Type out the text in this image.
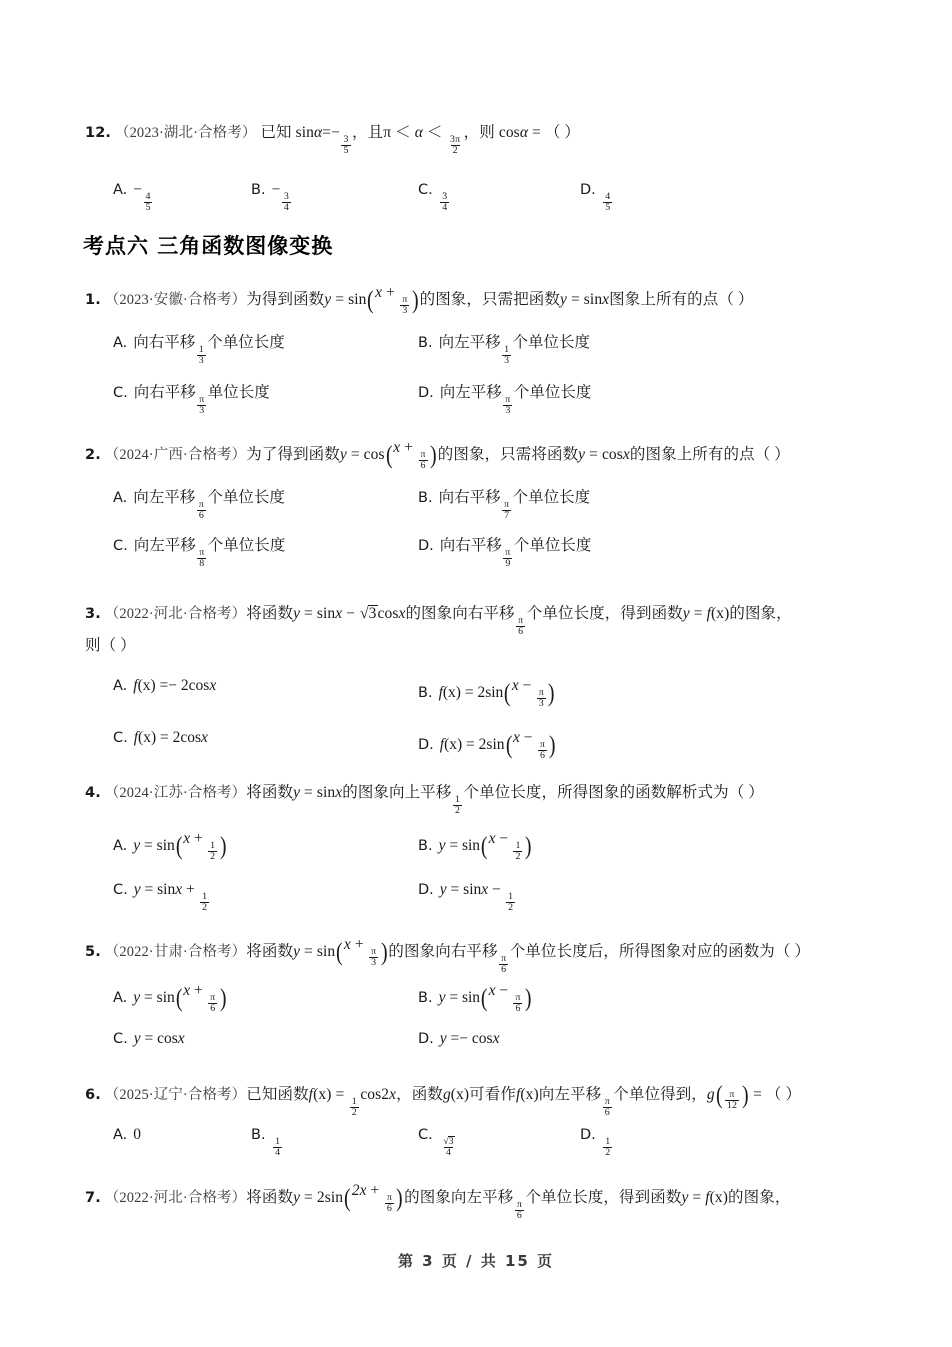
12. （2023·湖北·合格考） 已知 sinα=−
$\frac{3}{5}$
，且π ＜ α ＜
$\frac{3\pi}{2}$
，则 cosα = （ ）
A. −
$\frac{4}{5}$
B. −
$\frac{3}{4}$
C.
$\frac{3}{4}$
D.
$\frac{4}{5}$
考点六 三角函数图像变换
1. （2023·安徽·合格考）为得到函数y = sin ( x +
$\frac{\pi}{3}$ ) 的图象，只需把函数y = sinx图象上所有的点（ ）
A. 向右平移
$\frac{1}{3}$
个单位长度	B. 向左平移
$\frac{1}{3}$
个单位长度
C. 向右平移
$\frac{\pi}{3}$
单位长度	D. 向左平移
$\frac{\pi}{3}$
个单位长度
2. （2024·广西·合格考）为了得到函数y = cos ( x +
$\frac{\pi}{6}$ ) 的图象，只需将函数y = cosx的图象上所有的点（ ）
A. 向左平移
$\frac{\pi}{6}$
个单位长度	B. 向右平移
$\frac{\pi}{7}$
个单位长度
C. 向左平移
$\frac{\pi}{8}$
个单位长度	D. 向右平移
$\frac{\pi}{9}$
个单位长度
3. （2022·河北·合格考）将函数y = sinx − √3cosx的图象向右平移
$\frac{\pi}{6}$
个单位长度，得到函数y = f(x)的图象，
则（ ）
A. f(x) =− 2cosx	B. f(x) = 2sin ( x −
$\frac{\pi}{3}$ )
C. f(x) = 2cosx	D. f(x) = 2sin ( x −
$\frac{\pi}{6}$ )
4. （2024·江苏·合格考）将函数y = sinx的图象向上平移
$\frac{1}{2}$
个单位长度，所得图象的函数解析式为（ ）
A. y = sin ( x +
$\frac{1}{2}$ )	B. y = sin ( x −
$\frac{1}{2}$ )
C. y = sinx +
$\frac{1}{2}$
D. y = sinx −
$\frac{1}{2}$
5. （2022·甘肃·合格考）将函数y = sin ( x +
$\frac{\pi}{3}$ ) 的图象向右平移
$\frac{\pi}{6}$
个单位长度后，所得图象对应的函数为（ ）
A. y = sin ( x +
$\frac{\pi}{6}$ )	B. y = sin ( x −
$\frac{\pi}{6}$ )
C. y = cosx	D. y =− cosx
6. （2025·辽宁·合格考）已知函数f(x) =
$\frac{1}{2}$
cos2x，函数g(x)可看作f(x)向左平移
$\frac{\pi}{6}$
个单位得到，g ( $\frac{\pi}{12}$ ) = （ ）
A. 0	B.
$\frac{1}{4}$
C.
$\frac{√3}{4}$
D.
$\frac{1}{2}$
7. （2022·河北·合格考）将函数y = 2sin ( 2x +
$\frac{\pi}{6}$ ) 的图象向左平移
$\frac{\pi}{6}$
个单位长度，得到函数y = f(x)的图象，
第 3 页 / 共 15 页
